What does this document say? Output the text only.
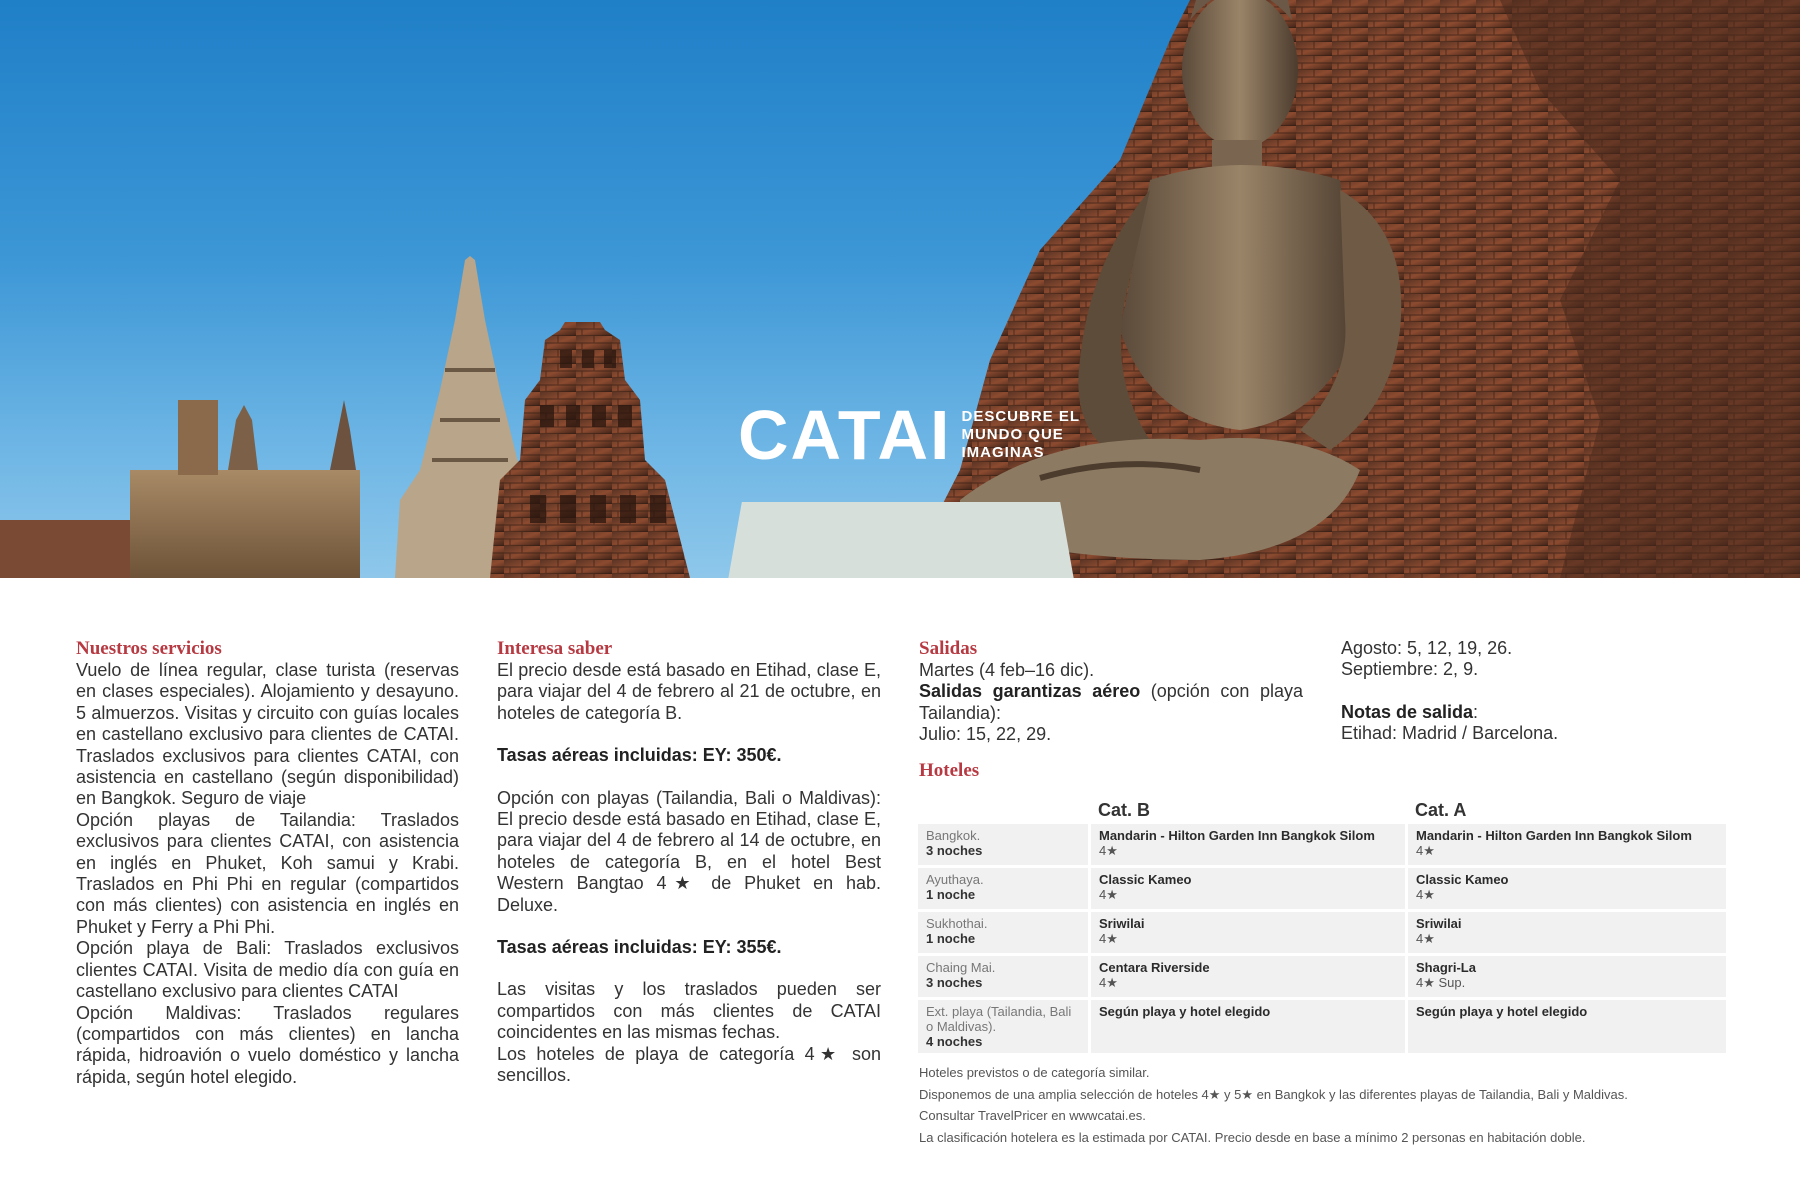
CATAI DESCUBRE EL
MUNDO QUE
IMAGINAS
Nuestros servicios

Vuelo de línea regular, clase turista (reservas en clases especiales). Alojamiento y desayuno. 5 almuerzos. Visitas y circuito con guías locales en castellano exclusivo para clientes de CATAI. Traslados exclusivos para clientes CATAI, con asistencia en castellano (según disponibilidad) en Bangkok. Seguro de viaje

Opción playas de Tailandia: Traslados exclusivos para clientes CATAI, con asistencia en inglés en Phuket, Koh samui y Krabi. Traslados en Phi Phi en regular (compartidos con más clientes) con asistencia en inglés en Phuket y Ferry a Phi Phi.

Opción playa de Bali: Traslados exclusivos clientes CATAI. Visita de medio día con guía en castellano exclusivo para clientes CATAI

Opción Maldivas: Traslados regulares (compartidos con más clientes) en lancha rápida, hidroavión o vuelo doméstico y lancha rápida, según hotel elegido.

Interesa saber

El precio desde está basado en Etihad, clase E, para viajar del 4 de febrero al 21 de octubre, en hoteles de categoría B.

Tasas aéreas incluidas: EY: 350€.

Opción con playas (Tailandia, Bali o Maldivas): El precio desde está basado en Etihad, clase E, para viajar del 4 de febrero al 14 de octubre, en hoteles de categoría B, en el hotel Best Western Bangtao 4★ de Phuket en hab. Deluxe.

Tasas aéreas incluidas: EY: 355€.

Las visitas y los traslados pueden ser compartidos con más clientes de CATAI coincidentes en las mismas fechas.

Los hoteles de playa de categoría 4★ son sencillos.

Salidas

Martes (4 feb–16 dic).

Salidas garantizas aéreo (opción con playa Tailandia):

Julio: 15, 22, 29.

Agosto: 5, 12, 19, 26.

Septiembre: 2, 9.

Notas de salida:

Etihad: Madrid / Barcelona.

Hoteles
Cat. B	Cat. A
Bangkok.
3 noches
Mandarin - Hilton Garden Inn Bangkok Silom
4★
Mandarin - Hilton Garden Inn Bangkok Silom
4★
Ayuthaya.
1 noche
Classic Kameo
4★
Classic Kameo
4★
Sukhothai.
1 noche
Sriwilai
4★
Sriwilai
4★
Chaing Mai.
3 noches
Centara Riverside
4★
Shagri-La
4★ Sup.
Ext. playa (Tailandia, Bali o Maldivas).
4 noches
Según playa y hotel elegido	Según playa y hotel elegido

Hoteles previstos o de categoría similar.

Disponemos de una amplia selección de hoteles 4★ y 5★ en Bangkok y las diferentes playas de Tailandia, Bali y Maldivas.

Consultar TravelPricer en wwwcatai.es.

La clasificación hotelera es la estimada por CATAI. Precio desde en base a mínimo 2 personas en habitación doble.
